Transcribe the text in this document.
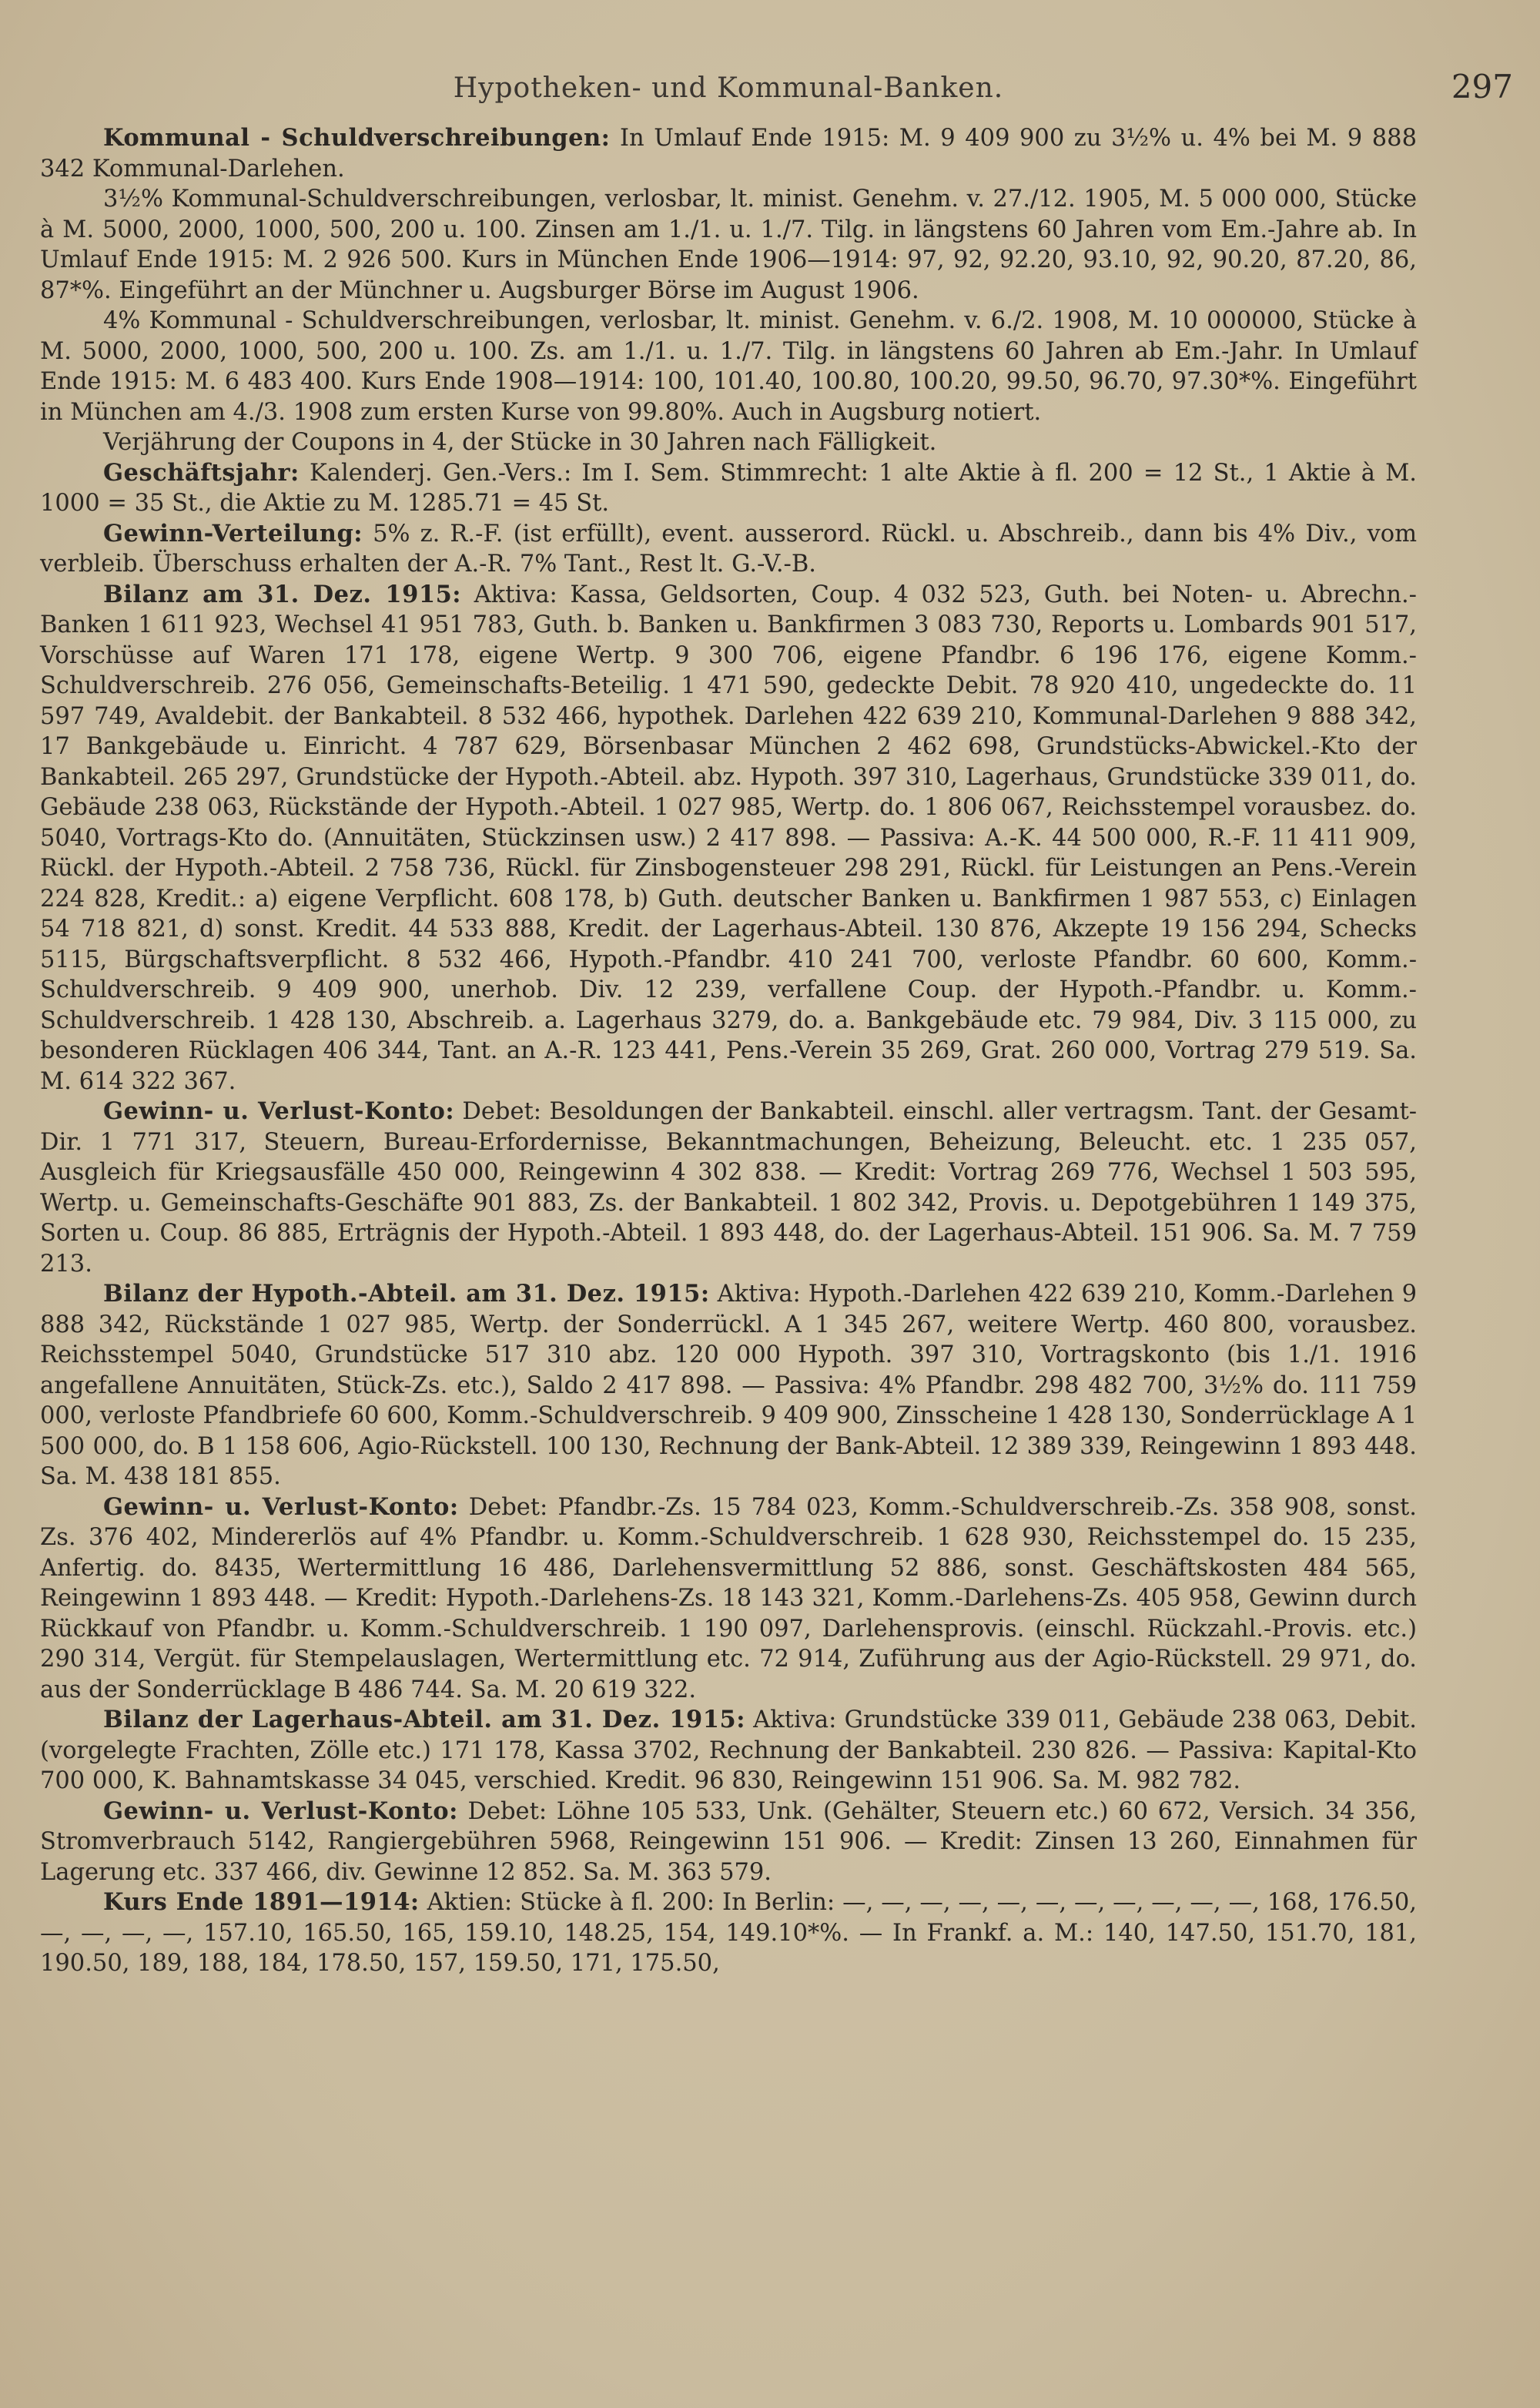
Hypotheken- und Kommunal-Banken.	297

Kommunal - Schuldverschreibungen: In Umlauf Ende 1915: M. 9 409 900 zu 3½% u. 4% bei M. 9 888 342 Kommunal-Darlehen.

3½% Kommunal-Schuldverschreibungen, verlosbar, lt. minist. Genehm. v. 27./12. 1905, M. 5 000 000, Stücke à M. 5000, 2000, 1000, 500, 200 u. 100. Zinsen am 1./1. u. 1./7. Tilg. in längstens 60 Jahren vom Em.-Jahre ab. In Umlauf Ende 1915: M. 2 926 500. Kurs in München Ende 1906—1914: 97, 92, 92.20, 93.10, 92, 90.20, 87.20, 86, 87*%. Eingeführt an der Münchner u. Augsburger Börse im August 1906.

4% Kommunal - Schuldverschreibungen, verlosbar, lt. minist. Genehm. v. 6./2. 1908, M. 10 000000, Stücke à M. 5000, 2000, 1000, 500, 200 u. 100. Zs. am 1./1. u. 1./7. Tilg. in längstens 60 Jahren ab Em.-Jahr. In Umlauf Ende 1915: M. 6 483 400. Kurs Ende 1908—1914: 100, 101.40, 100.80, 100.20, 99.50, 96.70, 97.30*%. Eingeführt in München am 4./3. 1908 zum ersten Kurse von 99.80%. Auch in Augsburg notiert.

Verjährung der Coupons in 4, der Stücke in 30 Jahren nach Fälligkeit.

Geschäftsjahr: Kalenderj. Gen.-Vers.: Im I. Sem. Stimmrecht: 1 alte Aktie à fl. 200 = 12 St., 1 Aktie à M. 1000 = 35 St., die Aktie zu M. 1285.71 = 45 St.

Gewinn-Verteilung: 5% z. R.-F. (ist erfüllt), event. ausserord. Rückl. u. Abschreib., dann bis 4% Div., vom verbleib. Überschuss erhalten der A.-R. 7% Tant., Rest lt. G.-V.-B.

Bilanz am 31. Dez. 1915: Aktiva: Kassa, Geldsorten, Coup. 4 032 523, Guth. bei Noten- u. Abrechn.-Banken 1 611 923, Wechsel 41 951 783, Guth. b. Banken u. Bankfirmen 3 083 730, Reports u. Lombards 901 517, Vorschüsse auf Waren 171 178, eigene Wertp. 9 300 706, eigene Pfandbr. 6 196 176, eigene Komm.-Schuldverschreib. 276 056, Gemeinschafts-Beteilig. 1 471 590, gedeckte Debit. 78 920 410, ungedeckte do. 11 597 749, Avaldebit. der Bankabteil. 8 532 466, hypothek. Darlehen 422 639 210, Kommunal-Darlehen 9 888 342, 17 Bankgebäude u. Einricht. 4 787 629, Börsenbasar München 2 462 698, Grundstücks-Abwickel.-Kto der Bankabteil. 265 297, Grundstücke der Hypoth.-Abteil. abz. Hypoth. 397 310, Lagerhaus, Grundstücke 339 011, do. Gebäude 238 063, Rückstände der Hypoth.-Abteil. 1 027 985, Wertp. do. 1 806 067, Reichsstempel vorausbez. do. 5040, Vortrags-Kto do. (Annuitäten, Stückzinsen usw.) 2 417 898. — Passiva: A.-K. 44 500 000, R.-F. 11 411 909, Rückl. der Hypoth.-Abteil. 2 758 736, Rückl. für Zinsbogensteuer 298 291, Rückl. für Leistungen an Pens.-Verein 224 828, Kredit.: a) eigene Verpflicht. 608 178, b) Guth. deutscher Banken u. Bankfirmen 1 987 553, c) Einlagen 54 718 821, d) sonst. Kredit. 44 533 888, Kredit. der Lagerhaus-Abteil. 130 876, Akzepte 19 156 294, Schecks 5115, Bürgschaftsverpflicht. 8 532 466, Hypoth.-Pfandbr. 410 241 700, verloste Pfandbr. 60 600, Komm.-Schuldverschreib. 9 409 900, unerhob. Div. 12 239, verfallene Coup. der Hypoth.-Pfandbr. u. Komm.-Schuldverschreib. 1 428 130, Abschreib. a. Lagerhaus 3279, do. a. Bankgebäude etc. 79 984, Div. 3 115 000, zu besonderen Rücklagen 406 344, Tant. an A.-R. 123 441, Pens.-Verein 35 269, Grat. 260 000, Vortrag 279 519. Sa. M. 614 322 367.

Gewinn- u. Verlust-Konto: Debet: Besoldungen der Bankabteil. einschl. aller vertragsm. Tant. der Gesamt-Dir. 1 771 317, Steuern, Bureau-Erfordernisse, Bekanntmachungen, Beheizung, Beleucht. etc. 1 235 057, Ausgleich für Kriegsausfälle 450 000, Reingewinn 4 302 838. — Kredit: Vortrag 269 776, Wechsel 1 503 595, Wertp. u. Gemeinschafts-Geschäfte 901 883, Zs. der Bankabteil. 1 802 342, Provis. u. Depotgebühren 1 149 375, Sorten u. Coup. 86 885, Erträgnis der Hypoth.-Abteil. 1 893 448, do. der Lagerhaus-Abteil. 151 906. Sa. M. 7 759 213.

Bilanz der Hypoth.-Abteil. am 31. Dez. 1915: Aktiva: Hypoth.-Darlehen 422 639 210, Komm.-Darlehen 9 888 342, Rückstände 1 027 985, Wertp. der Sonderrückl. A 1 345 267, weitere Wertp. 460 800, vorausbez. Reichsstempel 5040, Grundstücke 517 310 abz. 120 000 Hypoth. 397 310, Vortragskonto (bis 1./1. 1916 angefallene Annuitäten, Stück-Zs. etc.), Saldo 2 417 898. — Passiva: 4% Pfandbr. 298 482 700, 3½% do. 111 759 000, verloste Pfandbriefe 60 600, Komm.-Schuldverschreib. 9 409 900, Zinsscheine 1 428 130, Sonderrücklage A 1 500 000, do. B 1 158 606, Agio-Rückstell. 100 130, Rechnung der Bank-Abteil. 12 389 339, Reingewinn 1 893 448. Sa. M. 438 181 855.

Gewinn- u. Verlust-Konto: Debet: Pfandbr.-Zs. 15 784 023, Komm.-Schuldverschreib.-Zs. 358 908, sonst. Zs. 376 402, Mindererlös auf 4% Pfandbr. u. Komm.-Schuldverschreib. 1 628 930, Reichsstempel do. 15 235, Anfertig. do. 8435, Wertermittlung 16 486, Darlehensvermittlung 52 886, sonst. Geschäftskosten 484 565, Reingewinn 1 893 448. — Kredit: Hypoth.-Darlehens-Zs. 18 143 321, Komm.-Darlehens-Zs. 405 958, Gewinn durch Rückkauf von Pfandbr. u. Komm.-Schuldverschreib. 1 190 097, Darlehensprovis. (einschl. Rückzahl.-Provis. etc.) 290 314, Vergüt. für Stempelauslagen, Wertermittlung etc. 72 914, Zuführung aus der Agio-Rückstell. 29 971, do. aus der Sonderrücklage B 486 744. Sa. M. 20 619 322.

Bilanz der Lagerhaus-Abteil. am 31. Dez. 1915: Aktiva: Grundstücke 339 011, Gebäude 238 063, Debit. (vorgelegte Frachten, Zölle etc.) 171 178, Kassa 3702, Rechnung der Bankabteil. 230 826. — Passiva: Kapital-Kto 700 000, K. Bahnamtskasse 34 045, verschied. Kredit. 96 830, Reingewinn 151 906. Sa. M. 982 782.

Gewinn- u. Verlust-Konto: Debet: Löhne 105 533, Unk. (Gehälter, Steuern etc.) 60 672, Versich. 34 356, Stromverbrauch 5142, Rangiergebühren 5968, Reingewinn 151 906. — Kredit: Zinsen 13 260, Einnahmen für Lagerung etc. 337 466, div. Gewinne 12 852. Sa. M. 363 579.

Kurs Ende 1891—1914: Aktien: Stücke à fl. 200: In Berlin: —, —, —, —, —, —, —, —, —, —, —, 168, 176.50, —, —, —, —, 157.10, 165.50, 165, 159.10, 148.25, 154, 149.10*%. — In Frankf. a. M.: 140, 147.50, 151.70, 181, 190.50, 189, 188, 184, 178.50, 157, 159.50, 171, 175.50,
